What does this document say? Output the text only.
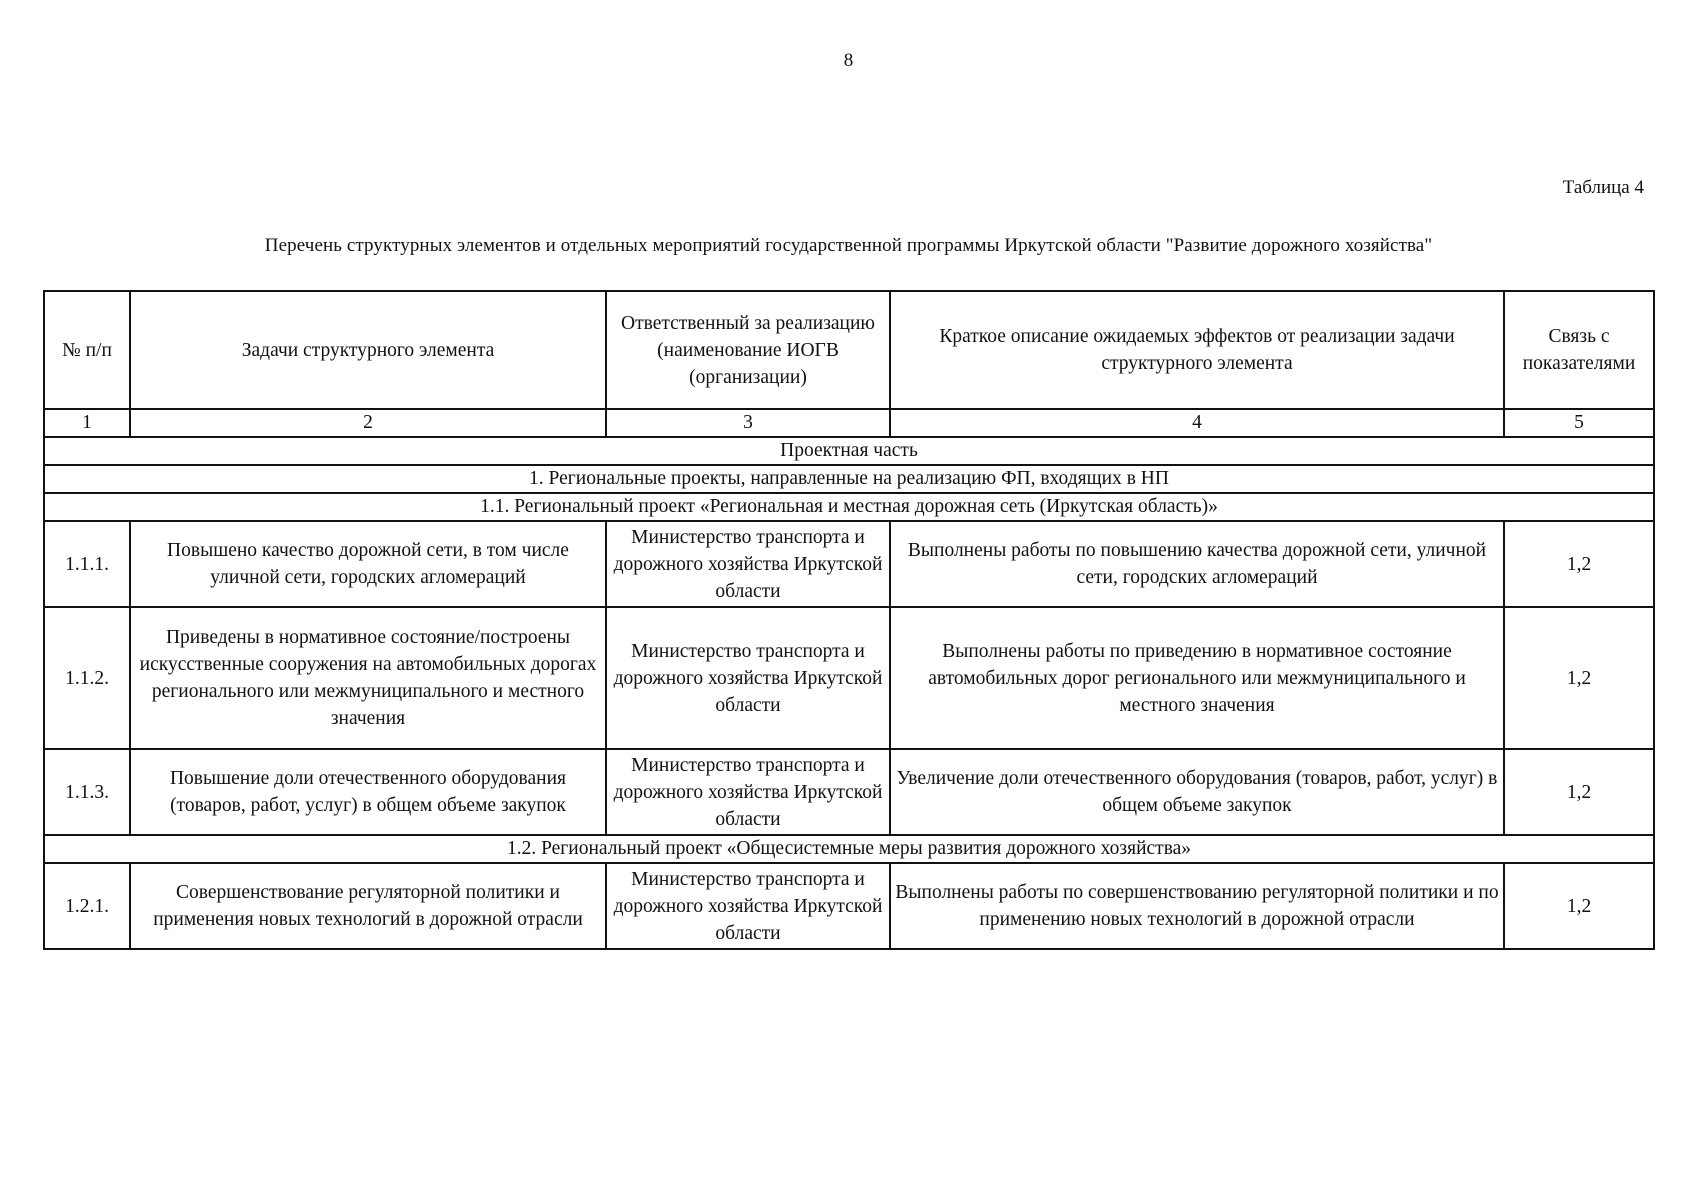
8
Таблица 4
Перечень структурных элементов и отдельных мероприятий государственной программы Иркутской области "Развитие дорожного хозяйства"
№ п/п	Задачи структурного элемента	Ответственный за реализацию (наименование ИОГВ (организации)	Краткое описание ожидаемых эффектов от реализации задачи структурного элемента	Связь с показателями
1	2	3	4	5
Проектная часть				
1. Региональные проекты, направленные на реализацию ФП, входящих в НП				
1.1. Региональный проект «Региональная и местная дорожная сеть (Иркутская область)»				
1.1.1.	Повышено качество дорожной сети, в том числе уличной сети, городских агломераций	Министерство транспорта и дорожного хозяйства Иркутской области	Выполнены работы по повышению качества дорожной сети, уличной сети, городских агломераций	1,2
1.1.2.	Приведены в нормативное состояние/построены искусственные сооружения на автомобильных дорогах регионального или межмуниципального и местного значения	Министерство транспорта и дорожного хозяйства Иркутской области	Выполнены работы по приведению в нормативное состояние автомобильных дорог регионального или межмуниципального и местного значения	1,2
1.1.3.	Повышение доли отечественного оборудования (товаров, работ, услуг) в общем объеме закупок	Министерство транспорта и дорожного хозяйства Иркутской области	Увеличение доли отечественного оборудования (товаров, работ, услуг) в общем объеме закупок	1,2
1.2. Региональный проект «Общесистемные меры развития дорожного хозяйства»				
1.2.1.	Совершенствование регуляторной политики и применения новых технологий в дорожной отрасли	Министерство транспорта и дорожного хозяйства Иркутской области	Выполнены работы по совершенствованию регуляторной политики и по применению новых технологий в дорожной отрасли	1,2
